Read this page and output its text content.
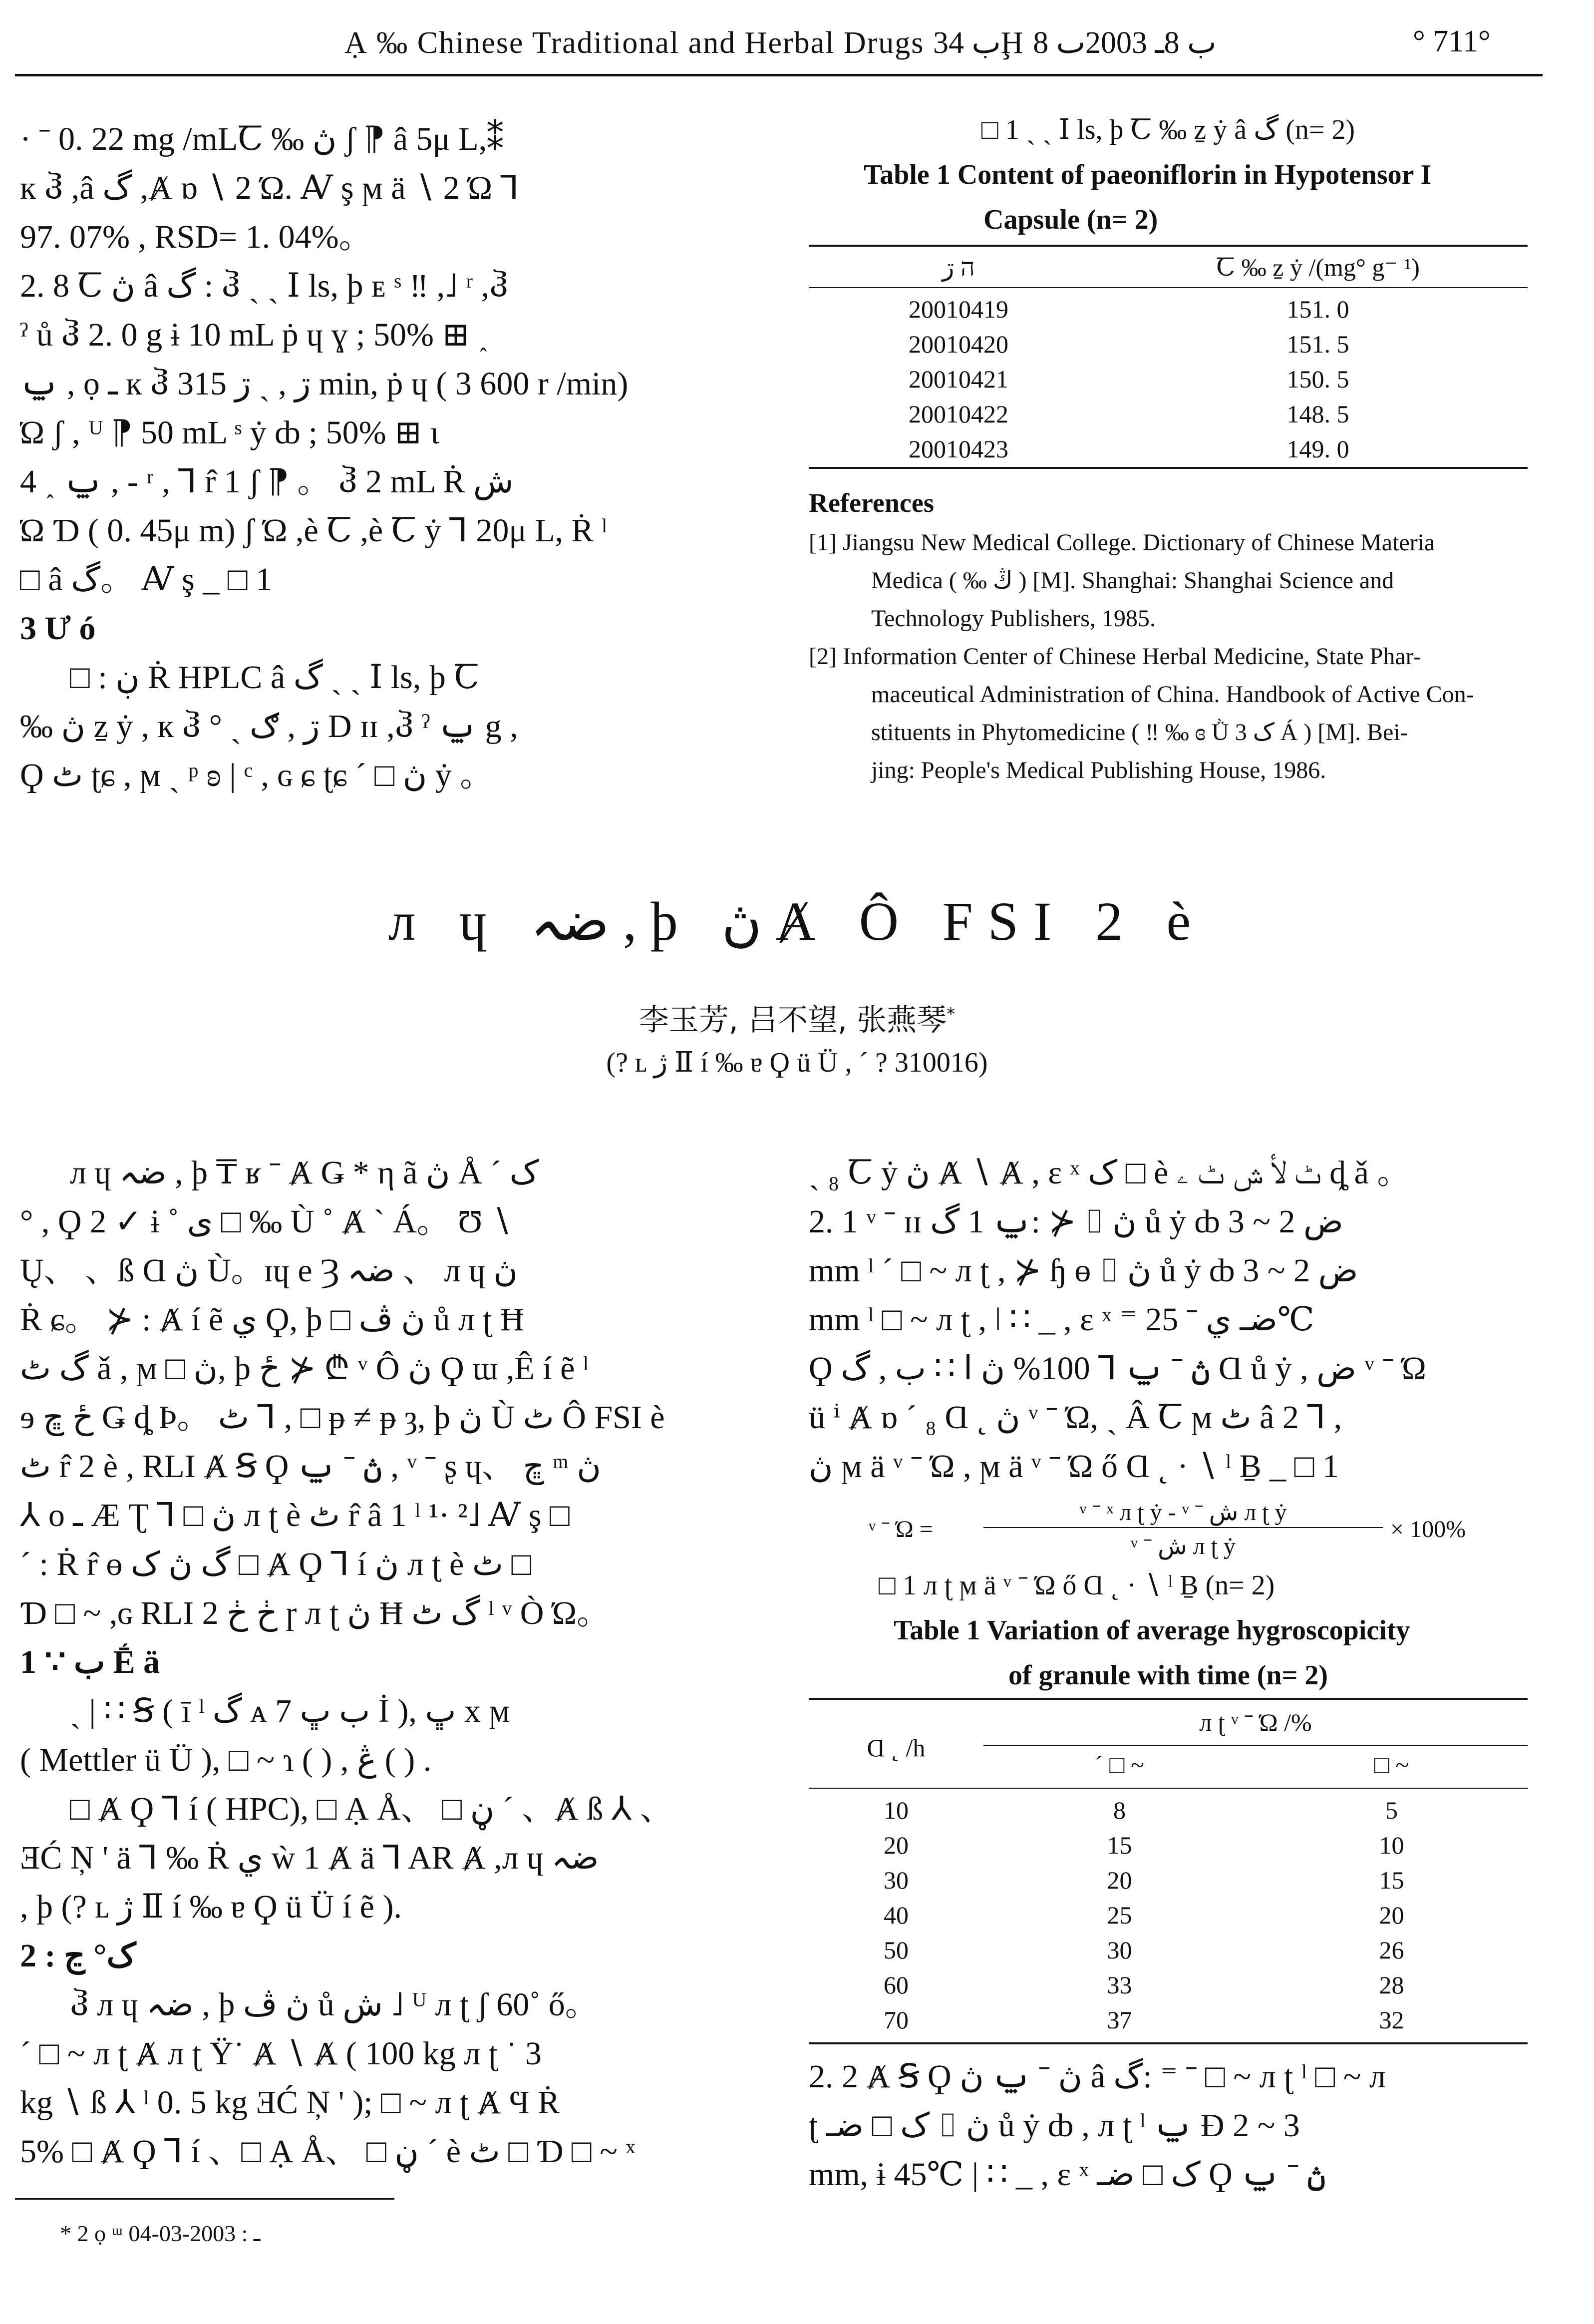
Ạ ‰ Chinese Traditional and Herbal Drugs ب 34Ḩ ب 8ـ 2003ٮ 8	° 711°
· ˉ 0. 22 mg /mLꞆ ‰ ڽ ʃ ⁋ â 5μ L,⁑
к ჰ ,â گ ,Ⱥ ɒ ∖ 2 Ώ. Ꜹ ş ϻ ä ∖ 2 Ώ ⅂
97. 07% , RSD= 1. 04%。
2. 8 Ꞇ ڽ â گ : ჰ ˎ ˎ Ⅰ ls, þ ᴇ ˢ ‼ ,˩ ʳ ,ჰ
ˀ ů ჰ 2. 0 g ɨ 10 mL ṗ ɥ ɣ ; 50% ⊞ ˰
ݐ , ọ ـ к ჰ 3ڗ , ˎ ڗ 15 min, ṗ ɥ ( 3 600 r /min)
Ώ ʃ , ᵁ ⁋ 50 mL ˢ ẏ ȸ ; 50% ⊞ ɩ
4 ˰ ݐ , - ʳ , ⅂ r̂ 1 ʃ ⁋ 。 ჰ 2 mL Ṙ ش
Ώ Ɗ ( 0. 45μ m) ʃ Ώ ,è Ꞇ ,è Ꞇ ẏ ⅂ 20μ L, Ṙ ˡ
□ â گ。 Ꜹ ş _ □ 1
3 Ư ó
□ : ڹ Ṙ HPLC â گ ˎ ˎ Ⅰ ls, þ Ꞇ
‰ ڽ ẕ ẏ , к ჰ ° ˎ ڗ , ګ D ɪɪ ,ჰ ˀ ݐ g ,
Ϙ ٹ ʈɕ , ϻ ˎ ᵖ ʚ | ᶜ , ɢ ɕ ʈɕ ˊ □ ڽ ẏ 。
□ 1 ˎ ˎ Ⅰ ls, þ Ꞇ ‰ ẕ ẏ â گ (n= 2)
Table 1 Content of paeoniflorin in Hypotensor I
Capsule (n= 2)
ה ڗ	Ꞇ ‰ ẕ ẏ /(mg° g⁻ ¹)
20010419	151. 0
20010420	151. 5
20010421	150. 5
20010422	148. 5
20010423	149. 0
References
[1] Jiangsu New Medical College. Dictionary of Chinese Materia
Medica ( ‰ ڭ ) [M]. Shanghai: Shanghai Science and
Technology Publishers, 1985.
[2] Information Center of Chinese Herbal Medicine, State Phar-
maceutical Administration of China. Handbook of Active Con-
stituents in Phytomedicine ( ‼ ‰ ɞ Ǜ ک 3 Á ) [M]. Bei-
jing: People's Medical Publishing House, 1986.
л ɥ ضہ , þ ڽ Ⱥ Ô FSI 2 è
李玉芳, 吕不望, 张燕琴*
(? ʟ ژ Ⅱ í ‰ ɐ Ϙ ü Ü , ˊ ? 310016)
л ɥ ضہ , þ ₸ ʁ ˉ Ⱥ Ǥ * η ã ڽ Å ˊ ک
° , Ϙ 2 ✓ ɨ ˚ ى □ ‰ Ù ˚ Ⱥ ˋ Á。 Ʊ ∖
Ų、 、ß Ɑ ڽ Ù。ɪɥ e Ȝ ضہ 、 л ɥ ڽ
Ṙ ɕ。 ⊁ : Ⱥ í ẽ ي Ϙ, þ □ ڽ ڤ ů л ʈ Ħ
گ ٹ ǎ , ϻ □ ڽ, þ ځ ⊁ ₾ ᵛ Ô ڽ Ϙ ɯ ,Ê í ẽ ˡ
ɘ ځ ڇ Ǥ ȡ Þ。 ٹ ⅂ , □ ᵽ ≠ ᵽ ȝ, þ ڽ Ù ٹ Ô FSI è
ٹ r̂ 2 è , RLI Ⱥ Ꞩ Ϙ ڽ ˉ ݐ , ᵛ ˉ ʂ ɥ、 ڇ ᵐ ڽ
⅄ ο ـ Æ Ʈ ⅂ □ ڽ л ʈ è ٹ r̂ â 1 ˡ ¹· ²˩ Ꜹ ş □
ˊ : Ṙ r̂ ɵ گ ڽ ک □ Ⱥ Ϙ ⅂ í ڽ л ʈ è ٹ □
Ɗ □ ~ ,ɢ RLI ڂ ڂ 2 ɼ л ʈ ڽ Ħ گ ٹ ˡ ᵛ Ò Ώ。
1 ∵ ب Ḗ ä
ˎ | ∷ Ꞩ ( ī ˡ گ ᴀ 7 ب ڀ İ ), ڀ x ϻ
( Mettler ü Ü ), □ ~ ɿ ( ) , ڠ ( ) .
□ Ⱥ Ϙ ⅂ í ( HPC), □ Ạ Å、 □ ڼ ˊ 、Ⱥ ß ⅄ 、
ƎĆ Ņ ' ä ⅂ ‰ Ṙ ي ẁ 1 Ⱥ ä ⅂ AR Ⱥ ,л ɥ ضہ
, þ (? ʟ ژ Ⅱ í ‰ ɐ Ϙ ü Ü í ẽ ).
2 : ک° ڃ
ჰ л ɥ ضہ , þ ڽ ڤ ů ش ˩ ᵁ л ʈ ʃ 60˚ ő。
ˊ □ ~ л ʈ Ⱥ л ʈ Ÿ˙ Ⱥ ∖ Ⱥ ( 100 kg л ʈ ˙ 3
kg ∖ ß ⅄ ˡ 0. 5 kg ƎĆ Ņ ' ); □ ~ л ʈ Ⱥ Ϥ Ṙ
5% □ Ⱥ Ϙ ⅂ í 、□ Ạ Å、 □ ڼ ˊ è ٹ □ Ɗ □ ~ ˣ
ˎ ₈ Ꞇ ẏ ڽ Ⱥ ∖ Ⱥ , ɛ ˣ ک □ è ٹ ﻷ ش ٹ ۦ ȡ ǎ 。
2. 1 ᵛ ˉ ɪɪ ݐ 1 گ: ⊁ ⌷ ڽ ů ẏ ȸ ض 2 ~ 3
mm ˡ ˊ □ ~ л ʈ , ⊁ ɧ ɵ ⌷ ڽ ů ẏ ȸ ض 2 ~ 3
mm ˡ □ ~ л ʈ , ǀ ∷ _ , ɛ ˣ ⁼ ضـ ي ˉ 25℃
Ϙ ڽ ˉ ݐ ⅂ 100% ڽ ا ∷ ب , گ Ɑ ů ẏ , ض ᵛ ˉ Ώ
ü ⁱ Ⱥ ɒ ˊ ₈ Ɑ ˛ ڽ ᵛ ˉ Ώ, ˎ Â Ꞇ ϻ ٹ â 2 ⅂ ,
ڽ ϻ ä ᵛ ˉ Ώ , ϻ ä ᵛ ˉ Ώ ő Ɑ ˛ · ∖ ˡ Ḇ _ □ 1
ᵛ ˉ Ώ =
ᵛ ˉ ˣ л ʈ ẏ - ᵛ ˉ ش л ʈ ẏ
ᵛ ˉ ش л ʈ ẏ
× 100%
□ 1 л ʈ ϻ ä ᵛ ˉ Ώ ő Ɑ ˛ · ∖ ˡ Ḇ (n= 2)
Table 1 Variation of average hygroscopicity
of granule with time (n= 2)
Ɑ ˛ /h
л ʈ ᵛ ˉ Ώ /%
ˊ □ ~	□ ~
10	8	5
20	15	10
30	20	15
40	25	20
50	30	26
60	33	28
70	37	32
2. 2 Ⱥ Ꞩ Ϙ ڽ ˉ ݐ ڽ â گ: ⁼ ˉ □ ~ л ʈ ˡ □ ~ л
ʈ ک □ ضـ ⌷ ڽ ů ẏ ȸ , л ʈ ˡ ݐ Ɖ 2 ~ 3
mm, ɨ 45℃ | ∷ _ , ɛ ˣ ک □ ضـ Ϙ ڽ ˉ ݐ
* 2 ọ ᵚ ـ : 2003-03-04
